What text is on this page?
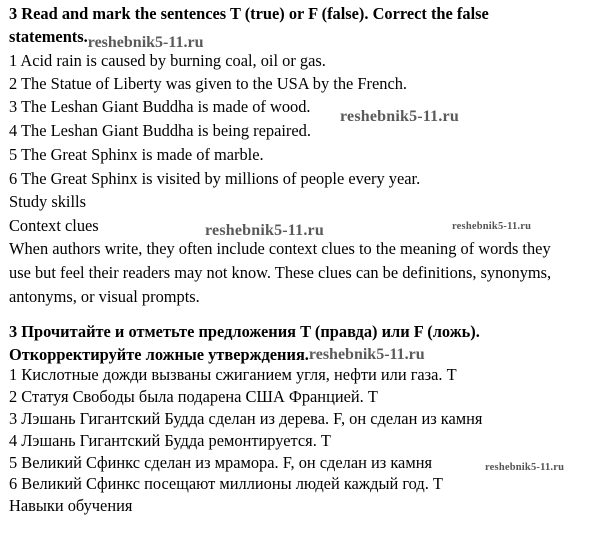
3 Read and mark the sentences T (true) or F (false). Correct the false
statements.reshebnik5-11.ru
1 Acid rain is caused by burning coal, oil or gas.
2 The Statue of Liberty was given to the USA by the French.
3 The Leshan Giant Buddha is made of wood.
4 The Leshan Giant Buddha is being repaired.
5 The Great Sphinx is made of marble.
6 The Great Sphinx is visited by millions of people every year.
Study skills
Context clues
When authors write, they often include context clues to the meaning of words they
use but feel their readers may not know. These clues can be definitions, synonyms,
antonyms, or visual prompts.
3 Прочитайте и отметьте предложения T (правда) или F (ложь).
Откорректируйте ложные утверждения.reshebnik5-11.ru
1 Кислотные дожди вызваны сжиганием угля, нефти или газа. T
2 Статуя Свободы была подарена США Францией. T
3 Лэшань Гигантский Будда сделан из дерева. F, он сделан из камня
4 Лэшань Гигантский Будда ремонтируется. T
5 Великий Сфинкс сделан из мрамора. F, он сделан из камня
6 Великий Сфинкс посещают миллионы людей каждый год. T
Навыки обучения
reshebnik5-11.ru
reshebnik5-11.ru	reshebnik5-11.ru
reshebnik5-11.ru
